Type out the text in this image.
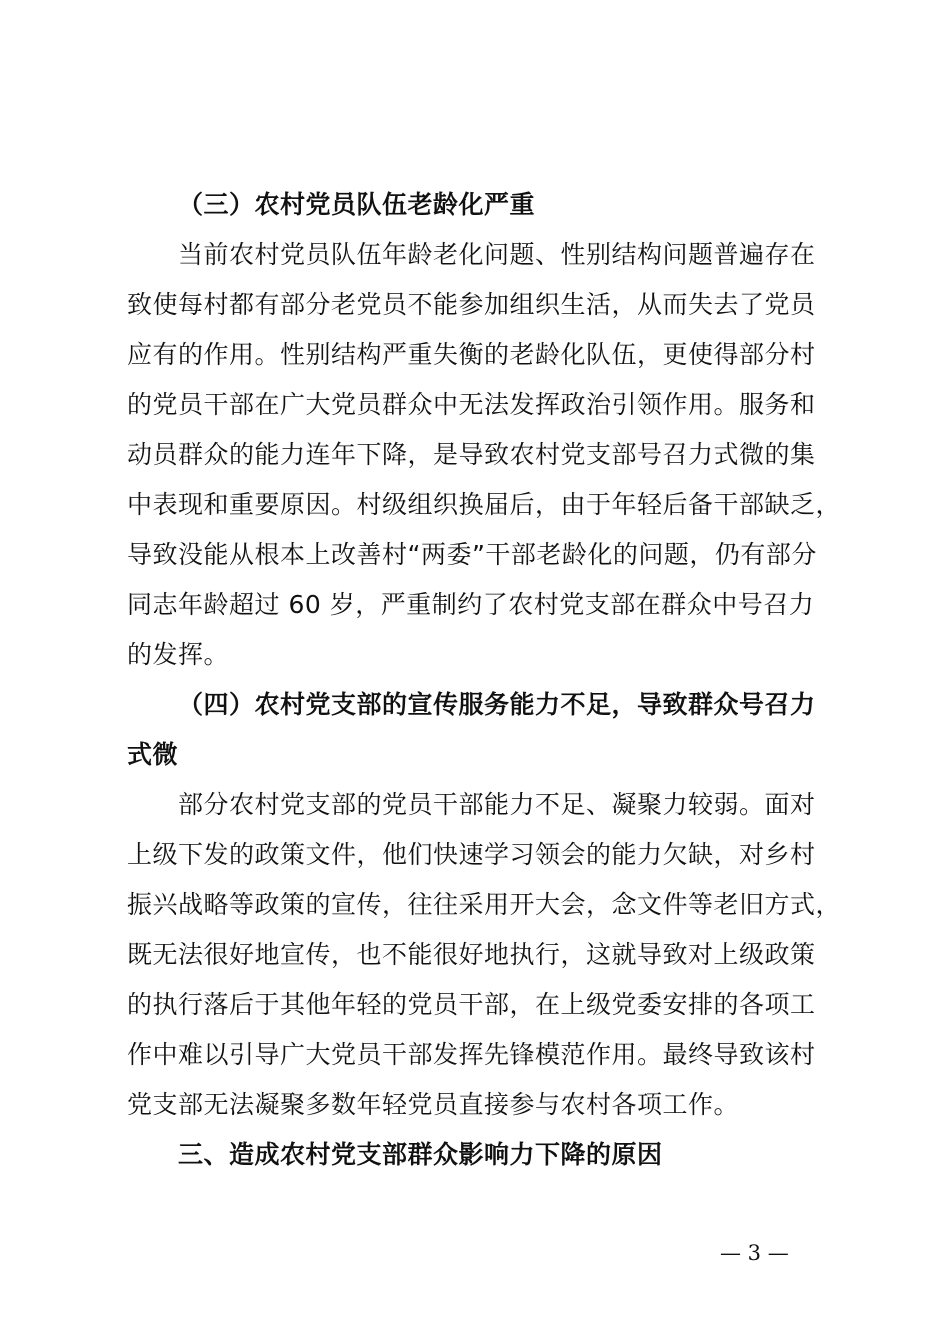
（三）农村党员队伍老龄化严重
当前农村党员队伍年龄老化问题、性别结构问题普遍存在
致使每村都有部分老党员不能参加组织生活，从而失去了党员
应有的作用。性别结构严重失衡的老龄化队伍，更使得部分村
的党员干部在广大党员群众中无法发挥政治引领作用。服务和
动员群众的能力连年下降，是导致农村党支部号召力式微的集
中表现和重要原因。村级组织换届后，由于年轻后备干部缺乏，
导致没能从根本上改善村“两委”干部老龄化的问题，仍有部分
同志年龄超过 60 岁，严重制约了农村党支部在群众中号召力
的发挥。
（四）农村党支部的宣传服务能力不足，导致群众号召力
式微
部分农村党支部的党员干部能力不足、凝聚力较弱。面对
上级下发的政策文件，他们快速学习领会的能力欠缺，对乡村
振兴战略等政策的宣传，往往采用开大会，念文件等老旧方式，
既无法很好地宣传，也不能很好地执行，这就导致对上级政策
的执行落后于其他年轻的党员干部，在上级党委安排的各项工
作中难以引导广大党员干部发挥先锋模范作用。最终导致该村
党支部无法凝聚多数年轻党员直接参与农村各项工作。
三、造成农村党支部群众影响力下降的原因
— 3 —
